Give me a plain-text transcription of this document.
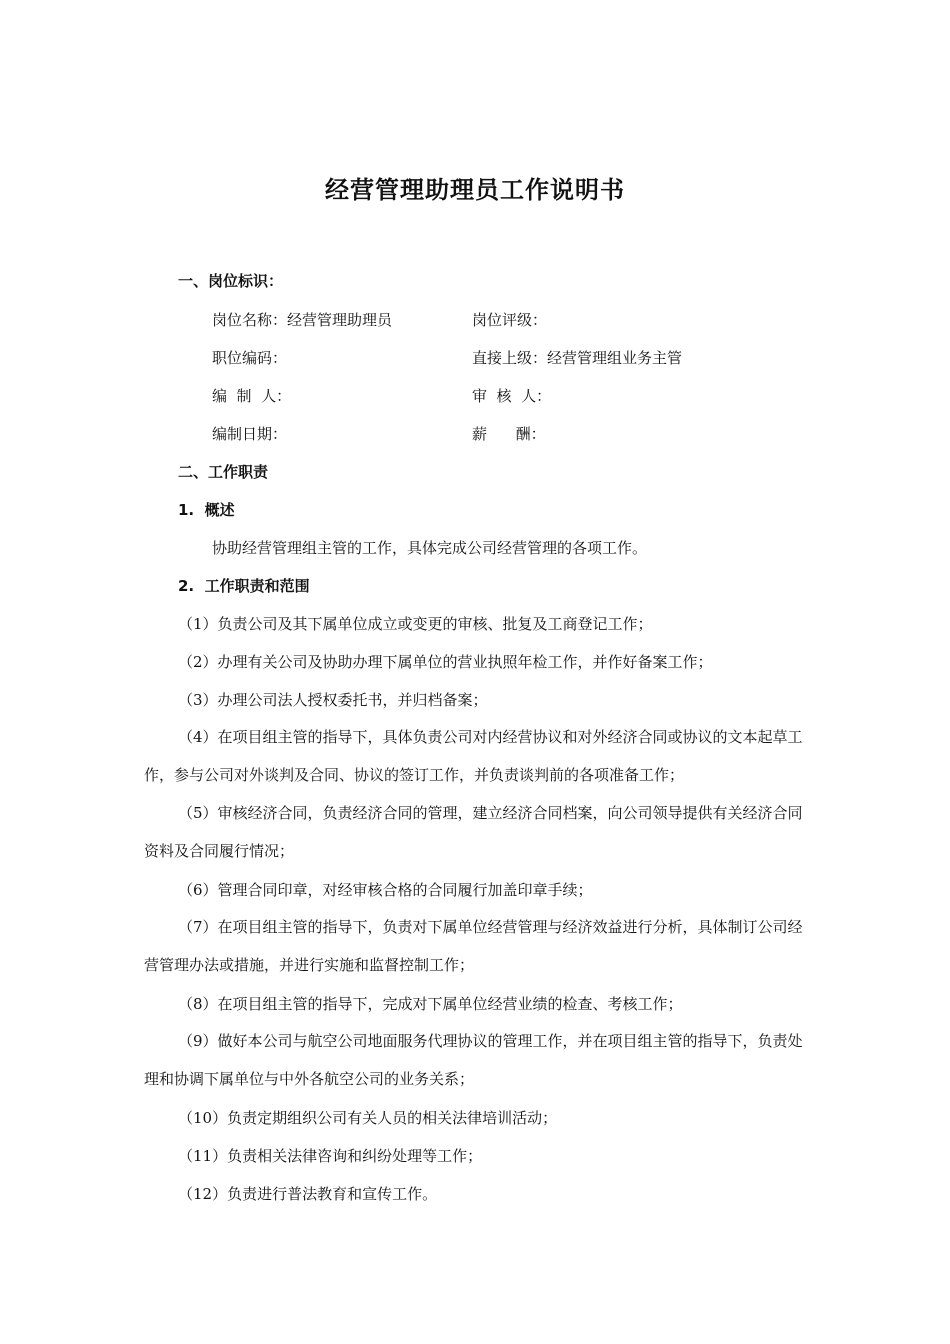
经营管理助理员工作说明书
一、岗位标识：
岗位名称：经营管理助理员	岗位评级：
职位编码：	直接上级：经营管理组业务主管
编  制  人：	审  核  人：
编制日期：	薪      酬：
二、工作职责
1.  概述
协助经营管理组主管的工作，具体完成公司经营管理的各项工作。
2.  工作职责和范围
（1）负责公司及其下属单位成立或变更的审核、批复及工商登记工作；
（2）办理有关公司及协助办理下属单位的营业执照年检工作，并作好备案工作；
（3）办理公司法人授权委托书，并归档备案；

（4）在项目组主管的指导下，具体负责公司对内经营协议和对外经济合同或协议的文本起草工作，参与公司对外谈判及合同、协议的签订工作，并负责谈判前的各项准备工作；

（5）审核经济合同，负责经济合同的管理，建立经济合同档案，向公司领导提供有关经济合同资料及合同履行情况；

（6）管理合同印章，对经审核合格的合同履行加盖印章手续；

（7）在项目组主管的指导下，负责对下属单位经营管理与经济效益进行分析，具体制订公司经营管理办法或措施，并进行实施和监督控制工作；

（8）在项目组主管的指导下，完成对下属单位经营业绩的检查、考核工作；

（9）做好本公司与航空公司地面服务代理协议的管理工作，并在项目组主管的指导下，负责处理和协调下属单位与中外各航空公司的业务关系；

（10）负责定期组织公司有关人员的相关法律培训活动；
（11）负责相关法律咨询和纠纷处理等工作；
（12）负责进行普法教育和宣传工作。
